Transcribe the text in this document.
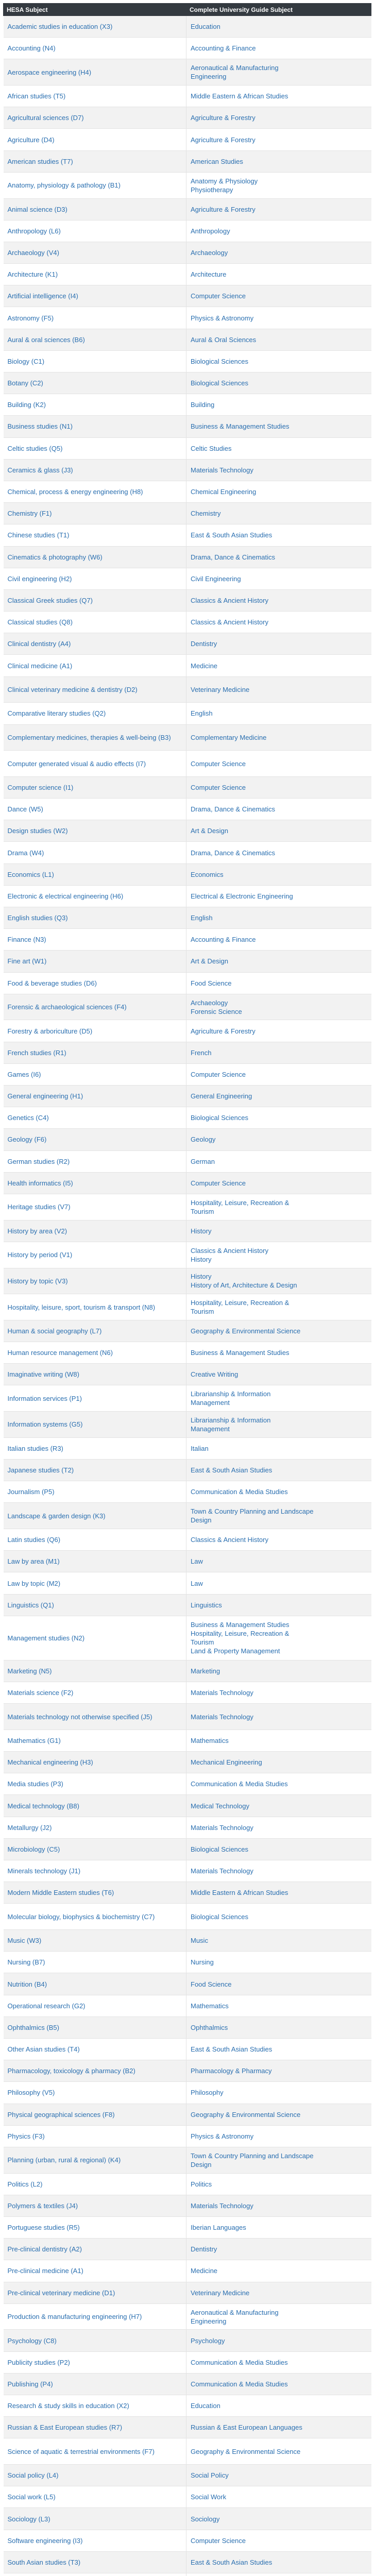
HESA Subject	Complete University Guide Subject
Academic studies in education (X3)	Education

Accounting (N4)	Accounting & Finance

Aerospace engineering (H4)	Aeronautical & Manufacturing
Engineering

African studies (T5)	Middle Eastern & African Studies

Agricultural sciences (D7)	Agriculture & Forestry

Agriculture (D4)	Agriculture & Forestry

American studies (T7)	American Studies

Anatomy, physiology & pathology (B1)	Anatomy & Physiology
Physiotherapy

Animal science (D3)	Agriculture & Forestry

Anthropology (L6)	Anthropology

Archaeology (V4)	Archaeology

Architecture (K1)	Architecture

Artificial intelligence (I4)	Computer Science

Astronomy (F5)	Physics & Astronomy

Aural & oral sciences (B6)	Aural & Oral Sciences

Biology (C1)	Biological Sciences

Botany (C2)	Biological Sciences

Building (K2)	Building

Business studies (N1)	Business & Management Studies

Celtic studies (Q5)	Celtic Studies

Ceramics & glass (J3)	Materials Technology

Chemical, process & energy engineering (H8)	Chemical Engineering

Chemistry (F1)	Chemistry

Chinese studies (T1)	East & South Asian Studies

Cinematics & photography (W6)	Drama, Dance & Cinematics

Civil engineering (H2)	Civil Engineering

Classical Greek studies (Q7)	Classics & Ancient History

Classical studies (Q8)	Classics & Ancient History

Clinical dentistry (A4)	Dentistry

Clinical medicine (A1)	Medicine

Clinical veterinary medicine & dentistry (D2)	Veterinary Medicine

Comparative literary studies (Q2)	English

Complementary medicines, therapies & well-being (B3)	Complementary Medicine

Computer generated visual & audio effects (I7)	Computer Science

Computer science (I1)	Computer Science

Dance (W5)	Drama, Dance & Cinematics

Design studies (W2)	Art & Design

Drama (W4)	Drama, Dance & Cinematics

Economics (L1)	Economics

Electronic & electrical engineering (H6)	Electrical & Electronic Engineering

English studies (Q3)	English

Finance (N3)	Accounting & Finance

Fine art (W1)	Art & Design

Food & beverage studies (D6)	Food Science

Forensic & archaeological sciences (F4)	Archaeology
Forensic Science

Forestry & arboriculture (D5)	Agriculture & Forestry

French studies (R1)	French

Games (I6)	Computer Science

General engineering (H1)	General Engineering

Genetics (C4)	Biological Sciences

Geology (F6)	Geology

German studies (R2)	German

Health informatics (I5)	Computer Science

Heritage studies (V7)	Hospitality, Leisure, Recreation &
Tourism

History by area (V2)	History

History by period (V1)	Classics & Ancient History
History

History by topic (V3)	History
History of Art, Architecture & Design

Hospitality, leisure, sport, tourism & transport (N8)	Hospitality, Leisure, Recreation &
Tourism

Human & social geography (L7)	Geography & Environmental Science

Human resource management (N6)	Business & Management Studies

Imaginative writing (W8)	Creative Writing

Information services (P1)	Librarianship & Information
Management

Information systems (G5)	Librarianship & Information
Management

Italian studies (R3)	Italian

Japanese studies (T2)	East & South Asian Studies

Journalism (P5)	Communication & Media Studies

Landscape & garden design (K3)	Town & Country Planning and Landscape
Design

Latin studies (Q6)	Classics & Ancient History

Law by area (M1)	Law

Law by topic (M2)	Law

Linguistics (Q1)	Linguistics

Management studies (N2)	Business & Management Studies
Hospitality, Leisure, Recreation &
Tourism
Land & Property Management

Marketing (N5)	Marketing

Materials science (F2)	Materials Technology

Materials technology not otherwise specified (J5)	Materials Technology

Mathematics (G1)	Mathematics

Mechanical engineering (H3)	Mechanical Engineering

Media studies (P3)	Communication & Media Studies

Medical technology (B8)	Medical Technology

Metallurgy (J2)	Materials Technology

Microbiology (C5)	Biological Sciences

Minerals technology (J1)	Materials Technology

Modern Middle Eastern studies (T6)	Middle Eastern & African Studies

Molecular biology, biophysics & biochemistry (C7)	Biological Sciences

Music (W3)	Music

Nursing (B7)	Nursing

Nutrition (B4)	Food Science

Operational research (G2)	Mathematics

Ophthalmics (B5)	Ophthalmics

Other Asian studies (T4)	East & South Asian Studies

Pharmacology, toxicology & pharmacy (B2)	Pharmacology & Pharmacy

Philosophy (V5)	Philosophy

Physical geographical sciences (F8)	Geography & Environmental Science

Physics (F3)	Physics & Astronomy

Planning (urban, rural & regional) (K4)	Town & Country Planning and Landscape
Design

Politics (L2)	Politics

Polymers & textiles (J4)	Materials Technology

Portuguese studies (R5)	Iberian Languages

Pre-clinical dentistry (A2)	Dentistry

Pre-clinical medicine (A1)	Medicine

Pre-clinical veterinary medicine (D1)	Veterinary Medicine

Production & manufacturing engineering (H7)	Aeronautical & Manufacturing
Engineering

Psychology (C8)	Psychology

Publicity studies (P2)	Communication & Media Studies

Publishing (P4)	Communication & Media Studies

Research & study skills in education (X2)	Education

Russian & East European studies (R7)	Russian & East European Languages

Science of aquatic & terrestrial environments (F7)	Geography & Environmental Science

Social policy (L4)	Social Policy

Social work (L5)	Social Work

Sociology (L3)	Sociology

Software engineering (I3)	Computer Science

South Asian studies (T3)	East & South Asian Studies
